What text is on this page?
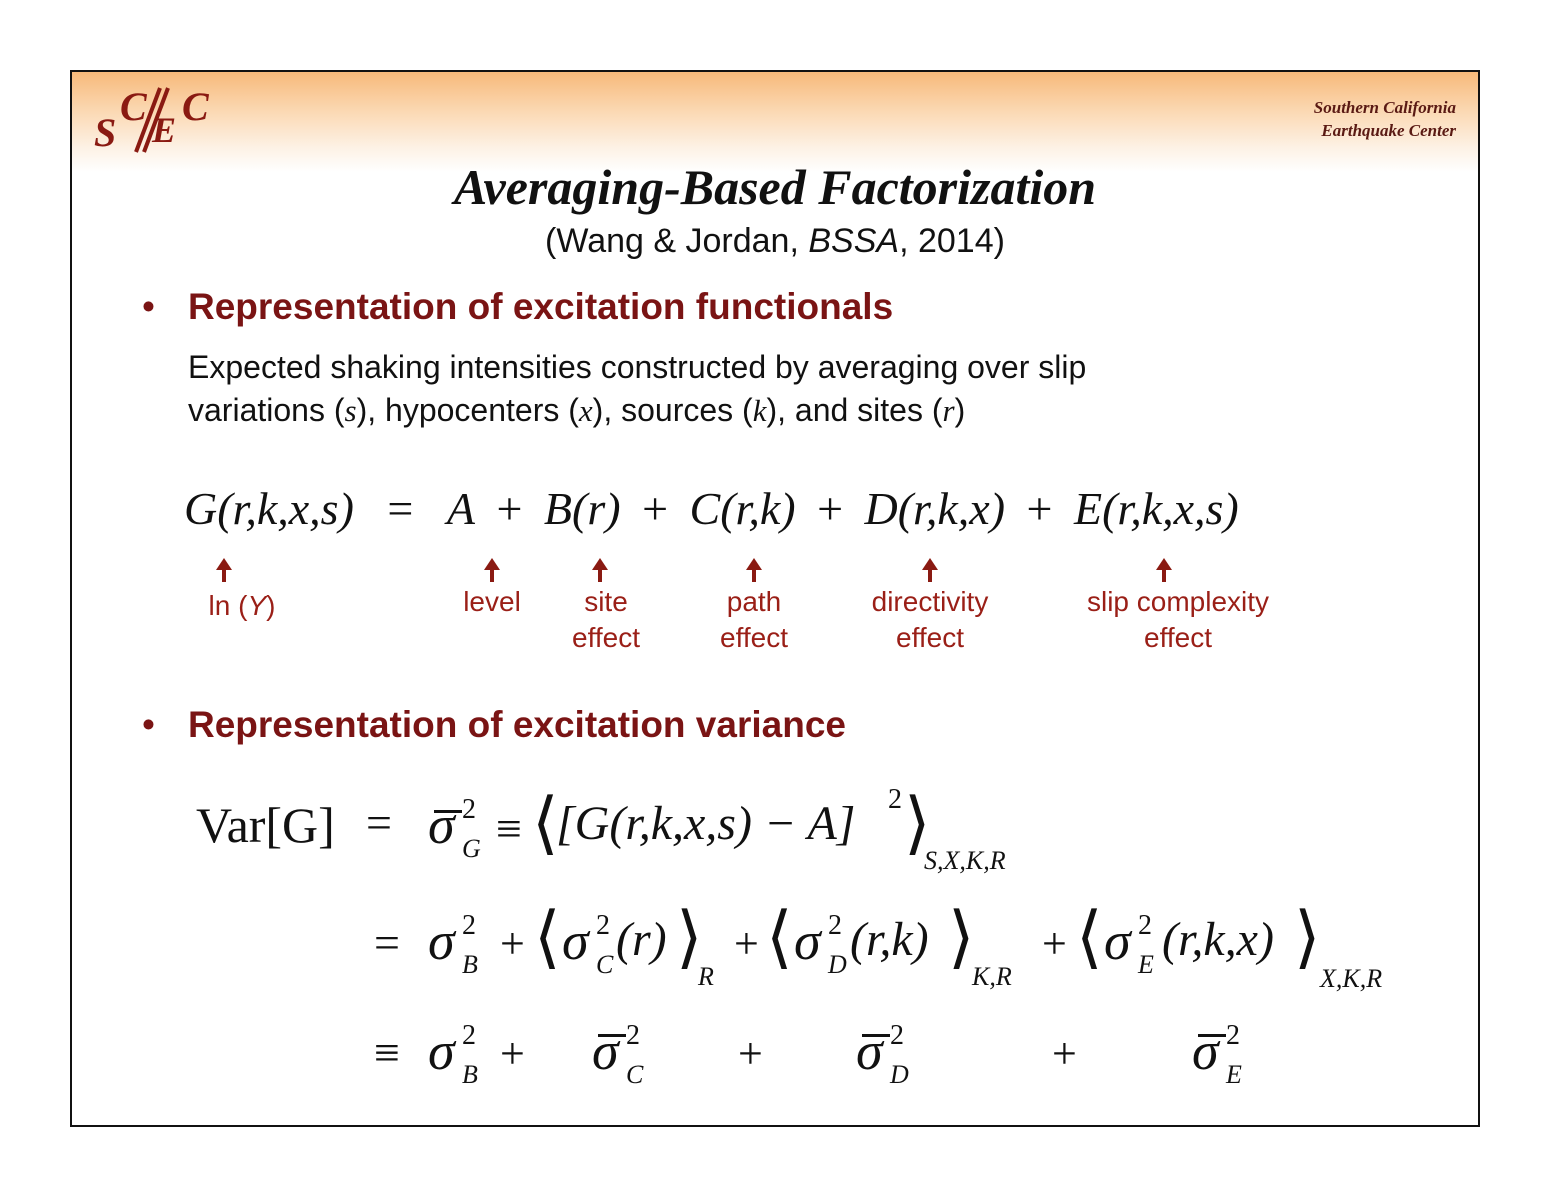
S
C
E
C	Southern California
Earthquake Center
Averaging-Based Factorization
(Wang & Jordan, BSSA, 2014)
• Representation of excitation functionals
Expected shaking intensities constructed by averaging over slip
variations (s), hypocenters (x), sources (k), and sites (r)
G(r,k,x,s) = A + B(r) + C(r,k) + D(r,k,x) + E(r,k,x,s)
ln (Y)	level	site
effect
path
effect
directivity
effect
slip complexity
effect
• Representation of excitation variance
Var[G] = σ 2
G ≡ ⟨
[G(r,k,x,s) − A] 2 ⟩
S,X,K,R
= σ 2
B + ⟨ σ 2
C (r) ⟩
R
+ ⟨ σ 2
D (r,k) ⟩
K,R
+ ⟨ σ 2
E (r,k,x) ⟩
X,K,R
≡ σ 2
B + σ 2
C + σ 2
D	+ σ 2
E
